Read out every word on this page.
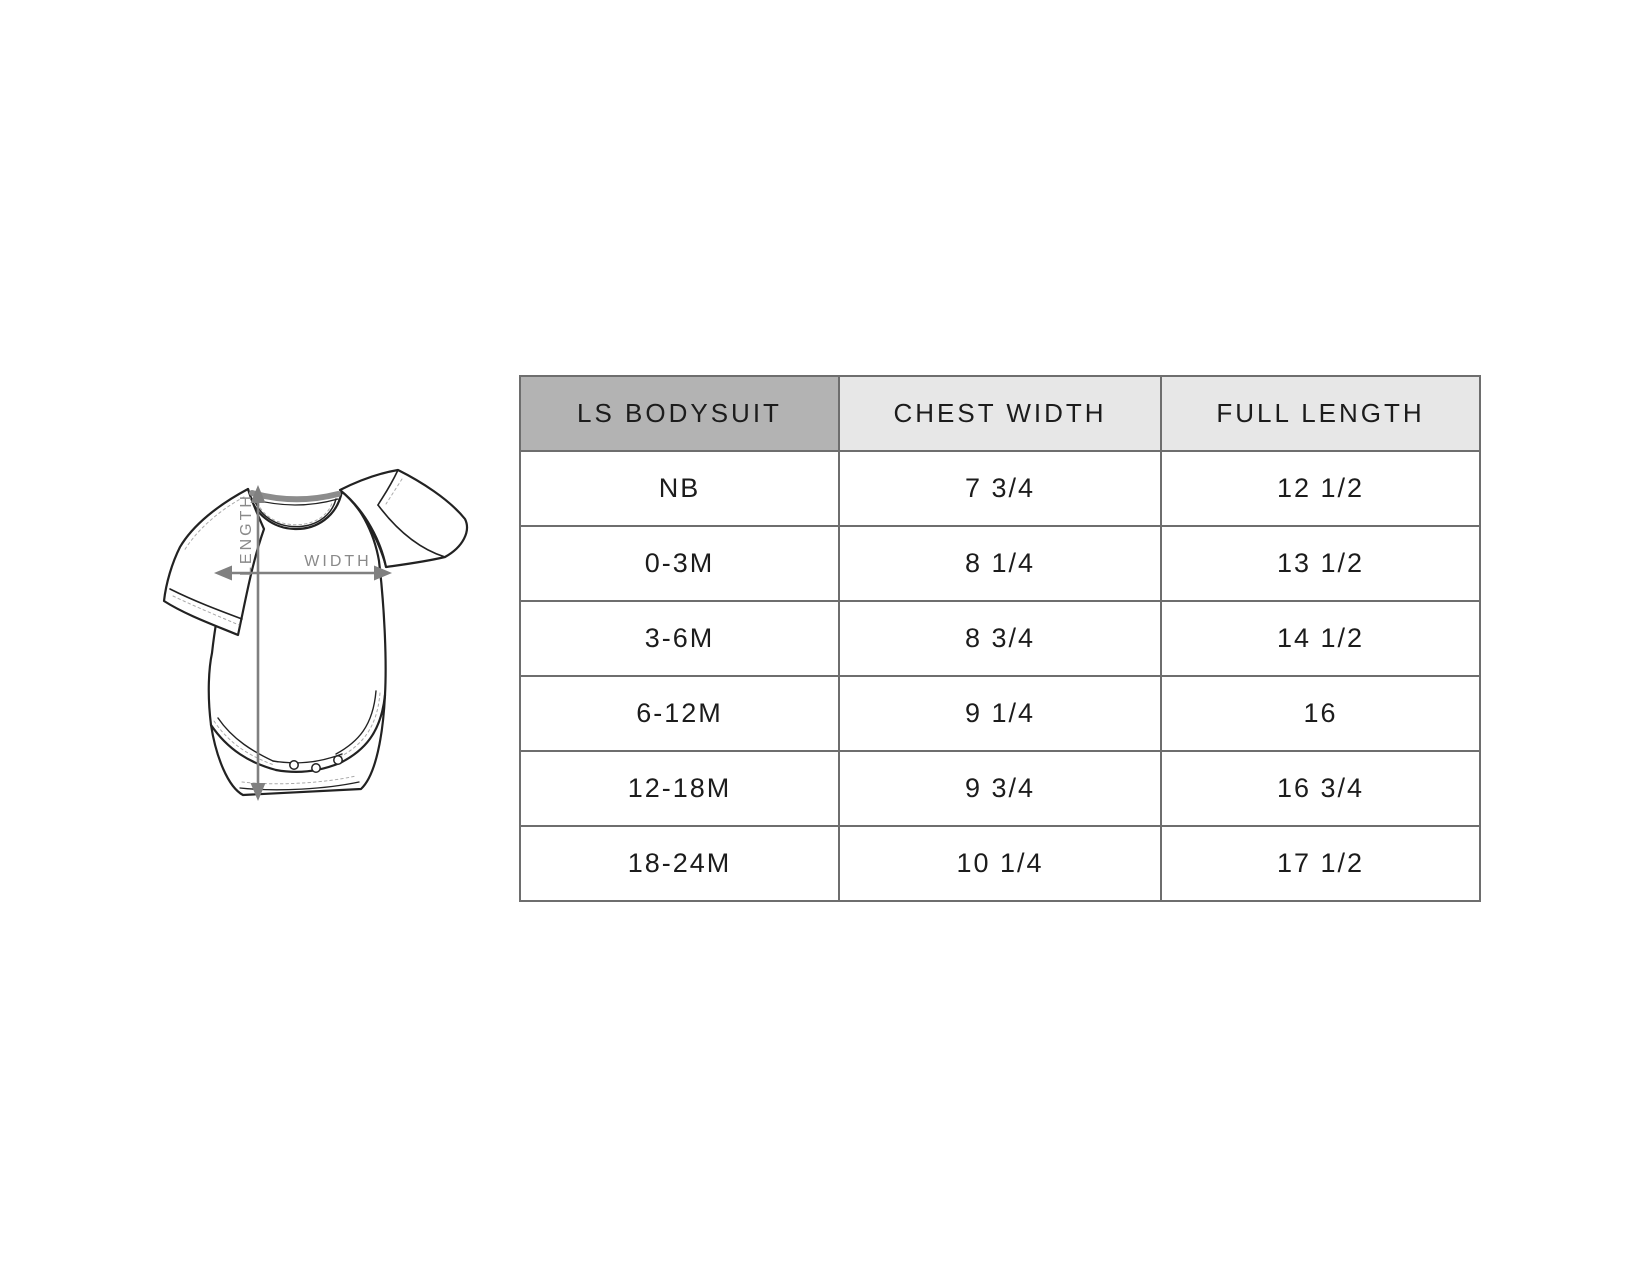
LENGTH	WIDTH
LS BODYSUIT	CHEST WIDTH	FULL LENGTH
NB	7 3/4	12 1/2
0-3M	8 1/4	13 1/2
3-6M	8 3/4	14 1/2
6-12M	9 1/4	16
12-18M	9 3/4	16 3/4
18-24M	10 1/4	17 1/2
